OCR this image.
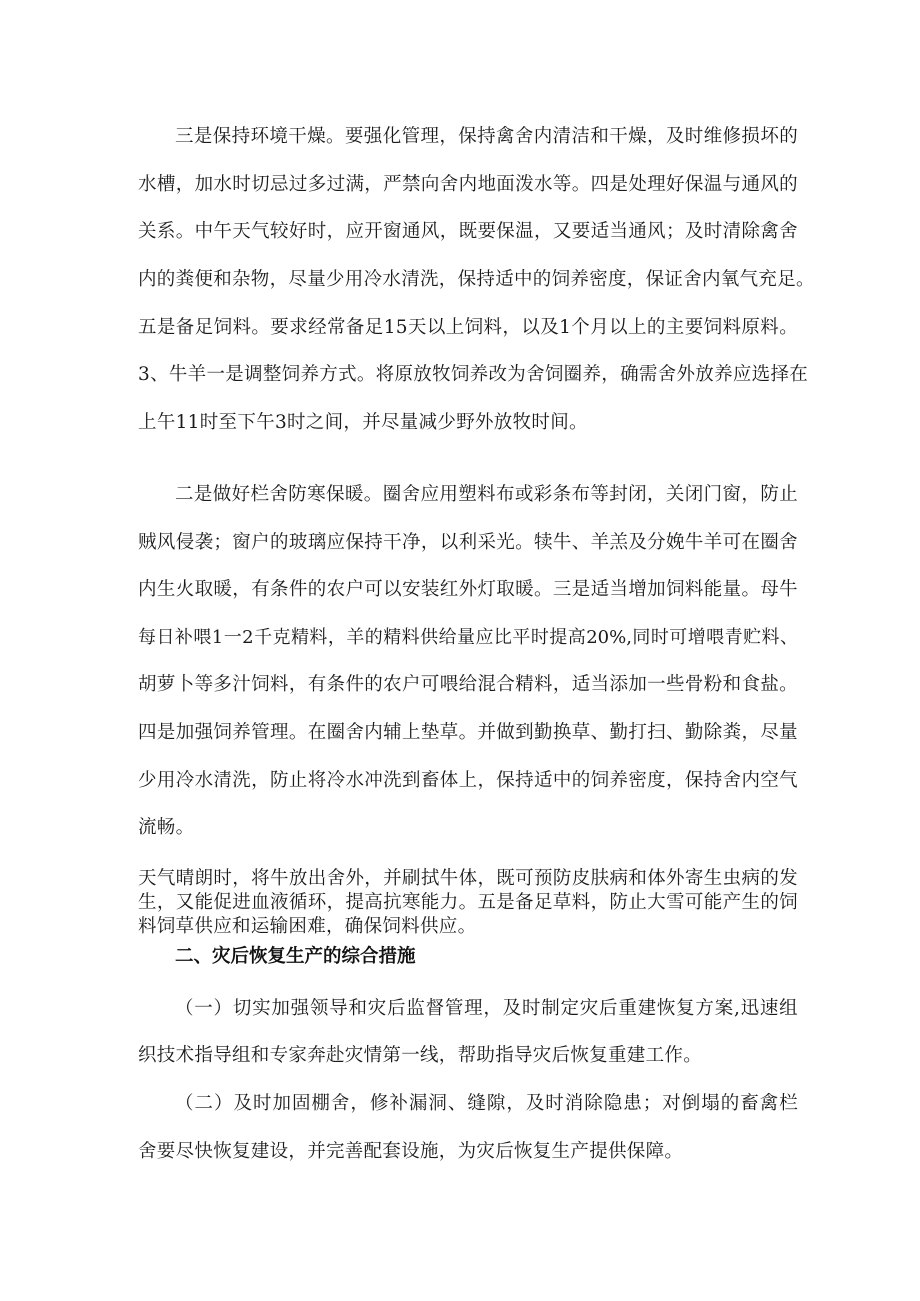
三是保持环境干燥。要强化管理，保持禽舍内清洁和干燥，及时维修损坏的
水槽，加水时切忌过多过满，严禁向舍内地面泼水等。四是处理好保温与通风的
关系。中午天气较好时，应开窗通风，既要保温，又要适当通风；及时清除禽舍
内的粪便和杂物，尽量少用冷水清洗，保持适中的饲养密度，保证舍内氧气充足。
五是备足饲料。要求经常备足15天以上饲料，以及1个月以上的主要饲料原料。
3、牛羊一是调整饲养方式。将原放牧饲养改为舍饲圈养，确需舍外放养应选择在
上午11时至下午3时之间，并尽量减少野外放牧时间。
二是做好栏舍防寒保暖。圈舍应用塑料布或彩条布等封闭，关闭门窗，防止
贼风侵袭；窗户的玻璃应保持干净，以利采光。犊牛、羊羔及分娩牛羊可在圈舍
内生火取暖，有条件的农户可以安装红外灯取暖。三是适当增加饲料能量。母牛
每日补喂1一2千克精料，羊的精料供给量应比平时提高20%,同时可增喂青贮料、
胡萝卜等多汁饲料，有条件的农户可喂给混合精料，适当添加一些骨粉和食盐。
四是加强饲养管理。在圈舍内辅上垫草。并做到勤换草、勤打扫、勤除粪，尽量
少用冷水清洗，防止将冷水冲洗到畜体上，保持适中的饲养密度，保持舍内空气
流畅。
天气晴朗时，将牛放出舍外，并刷拭牛体，既可预防皮肤病和体外寄生虫病的发
生，又能促进血液循环，提高抗寒能力。五是备足草料，防止大雪可能产生的饲
料饲草供应和运输困难，确保饲料供应。
二、灾后恢复生产的综合措施
（一）切实加强领导和灾后监督管理，及时制定灾后重建恢复方案,迅速组
织技术指导组和专家奔赴灾情第一线，帮助指导灾后恢复重建工作。
（二）及时加固棚舍，修补漏洞、缝隙，及时消除隐患；对倒塌的畜禽栏
舍要尽快恢复建设，并完善配套设施，为灾后恢复生产提供保障。
